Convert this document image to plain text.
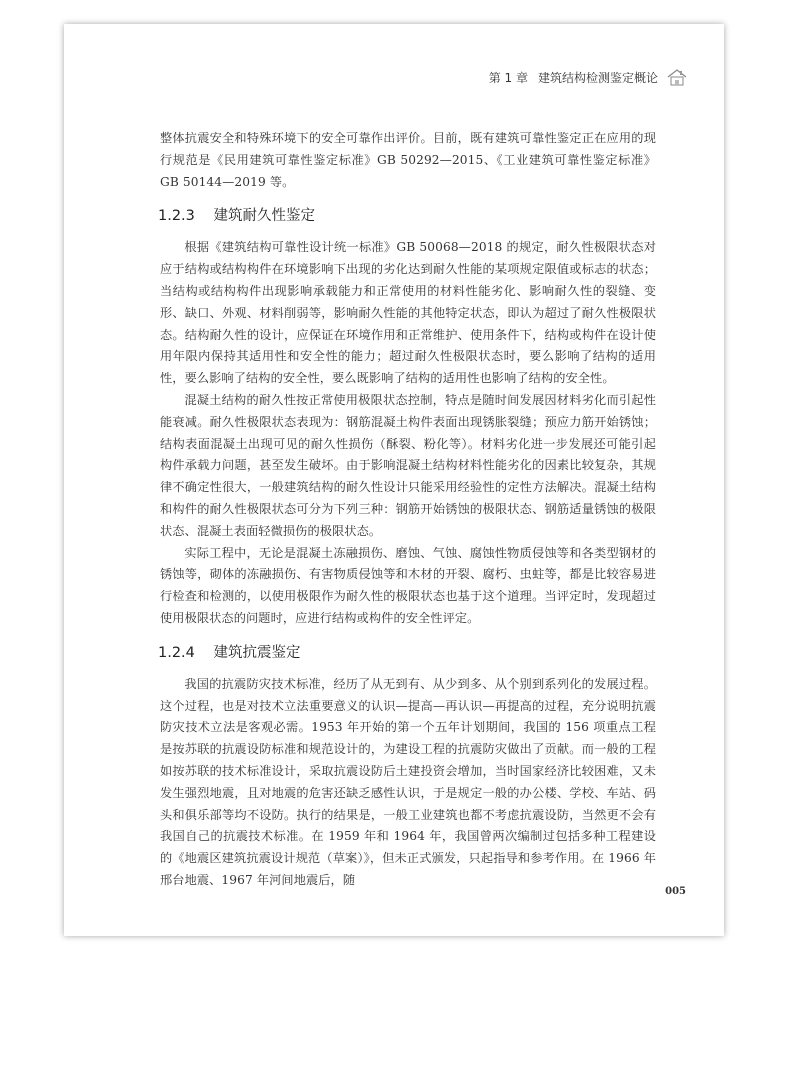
第 1 章 建筑结构检测鉴定概论

整体抗震安全和特殊环境下的安全可靠作出评价。目前，既有建筑可靠性鉴定正在应用的现行规范是《民用建筑可靠性鉴定标准》GB 50292—2015、《工业建筑可靠性鉴定标准》GB 50144—2019 等。

1.2.3 建筑耐久性鉴定

根据《建筑结构可靠性设计统一标准》GB 50068—2018 的规定，耐久性极限状态对应于结构或结构构件在环境影响下出现的劣化达到耐久性能的某项规定限值或标志的状态；当结构或结构构件出现影响承载能力和正常使用的材料性能劣化、影响耐久性的裂缝、变形、缺口、外观、材料削弱等，影响耐久性能的其他特定状态，即认为超过了耐久性极限状态。结构耐久性的设计，应保证在环境作用和正常维护、使用条件下，结构或构件在设计使用年限内保持其适用性和安全性的能力；超过耐久性极限状态时，要么影响了结构的适用性，要么影响了结构的安全性，要么既影响了结构的适用性也影响了结构的安全性。

混凝土结构的耐久性按正常使用极限状态控制，特点是随时间发展因材料劣化而引起性能衰减。耐久性极限状态表现为：钢筋混凝土构件表面出现锈胀裂缝；预应力筋开始锈蚀；结构表面混凝土出现可见的耐久性损伤（酥裂、粉化等）。材料劣化进一步发展还可能引起构件承载力问题，甚至发生破坏。由于影响混凝土结构材料性能劣化的因素比较复杂，其规律不确定性很大，一般建筑结构的耐久性设计只能采用经验性的定性方法解决。混凝土结构和构件的耐久性极限状态可分为下列三种：钢筋开始锈蚀的极限状态、钢筋适量锈蚀的极限状态、混凝土表面轻微损伤的极限状态。

实际工程中，无论是混凝土冻融损伤、磨蚀、气蚀、腐蚀性物质侵蚀等和各类型钢材的锈蚀等，砌体的冻融损伤、有害物质侵蚀等和木材的开裂、腐朽、虫蛀等，都是比较容易进行检查和检测的，以使用极限作为耐久性的极限状态也基于这个道理。当评定时，发现超过使用极限状态的问题时，应进行结构或构件的安全性评定。

1.2.4 建筑抗震鉴定

我国的抗震防灾技术标准，经历了从无到有、从少到多、从个别到系列化的发展过程。这个过程，也是对技术立法重要意义的认识—提高—再认识—再提高的过程，充分说明抗震防灾技术立法是客观必需。1953 年开始的第一个五年计划期间，我国的 156 项重点工程是按苏联的抗震设防标准和规范设计的，为建设工程的抗震防灾做出了贡献。而一般的工程如按苏联的技术标准设计，采取抗震设防后土建投资会增加，当时国家经济比较困难，又未发生强烈地震，且对地震的危害还缺乏感性认识，于是规定一般的办公楼、学校、车站、码头和俱乐部等均不设防。执行的结果是，一般工业建筑也都不考虑抗震设防，当然更不会有我国自己的抗震技术标准。在 1959 年和 1964 年，我国曾两次编制过包括多种工程建设的《地震区建筑抗震设计规范（草案）》，但未正式颁发，只起指导和参考作用。在 1966 年邢台地震、1967 年河间地震后，随

005
